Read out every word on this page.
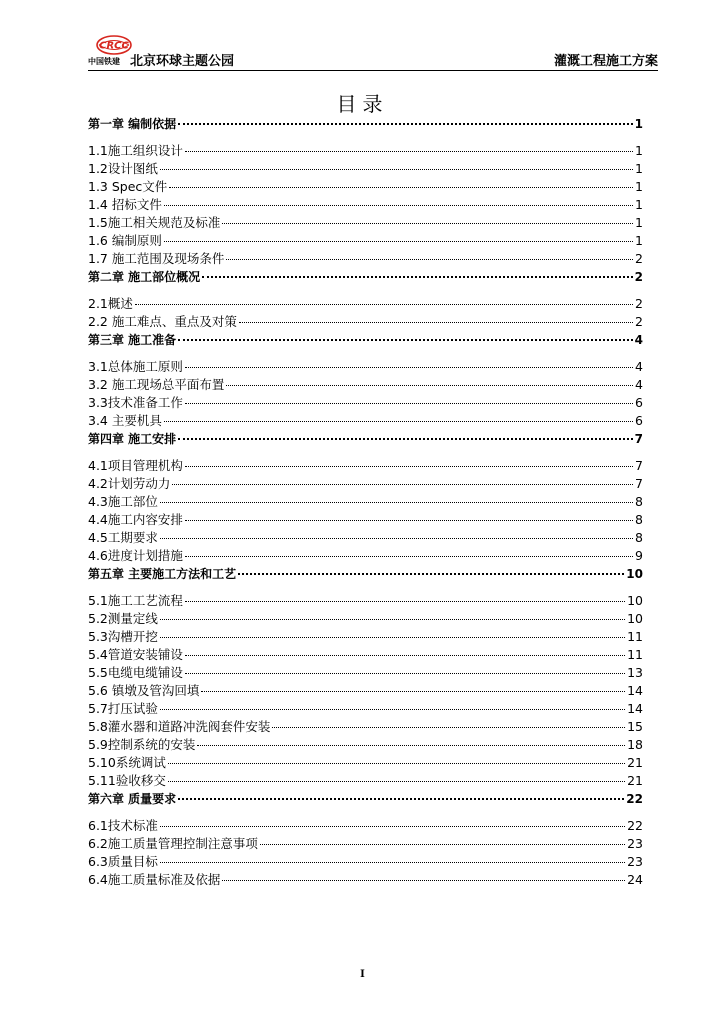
CRCC
中国铁建 北京环球主题公园	灌溉工程施工方案
目录
第一章 编制依据	1
1.1施工组织设计	1
1.2设计图纸	1
1.3 Spec文件	1
1.4 招标文件	1
1.5施工相关规范及标准	1
1.6 编制原则	1
1.7 施工范围及现场条件	2
第二章 施工部位概况	2
2.1概述	2
2.2 施工难点、重点及对策	2
第三章 施工准备	4
3.1总体施工原则	4
3.2 施工现场总平面布置	4
3.3技术准备工作	6
3.4 主要机具	6
第四章 施工安排	7
4.1项目管理机构	7
4.2计划劳动力	7
4.3施工部位	8
4.4施工内容安排	8
4.5工期要求	8
4.6进度计划措施	9
第五章 主要施工方法和工艺	10
5.1施工工艺流程	10
5.2测量定线	10
5.3沟槽开挖	11
5.4管道安装铺设	11
5.5电缆电缆铺设	13
5.6 镇墩及管沟回填	14
5.7打压试验	14
5.8灌水器和道路冲洗阀套件安装	15
5.9控制系统的安装	18
5.10系统调试	21
5.11验收移交	21
第六章 质量要求	22
6.1技术标准	22
6.2施工质量管理控制注意事项	23
6.3质量目标	23
6.4施工质量标准及依据	24
I
